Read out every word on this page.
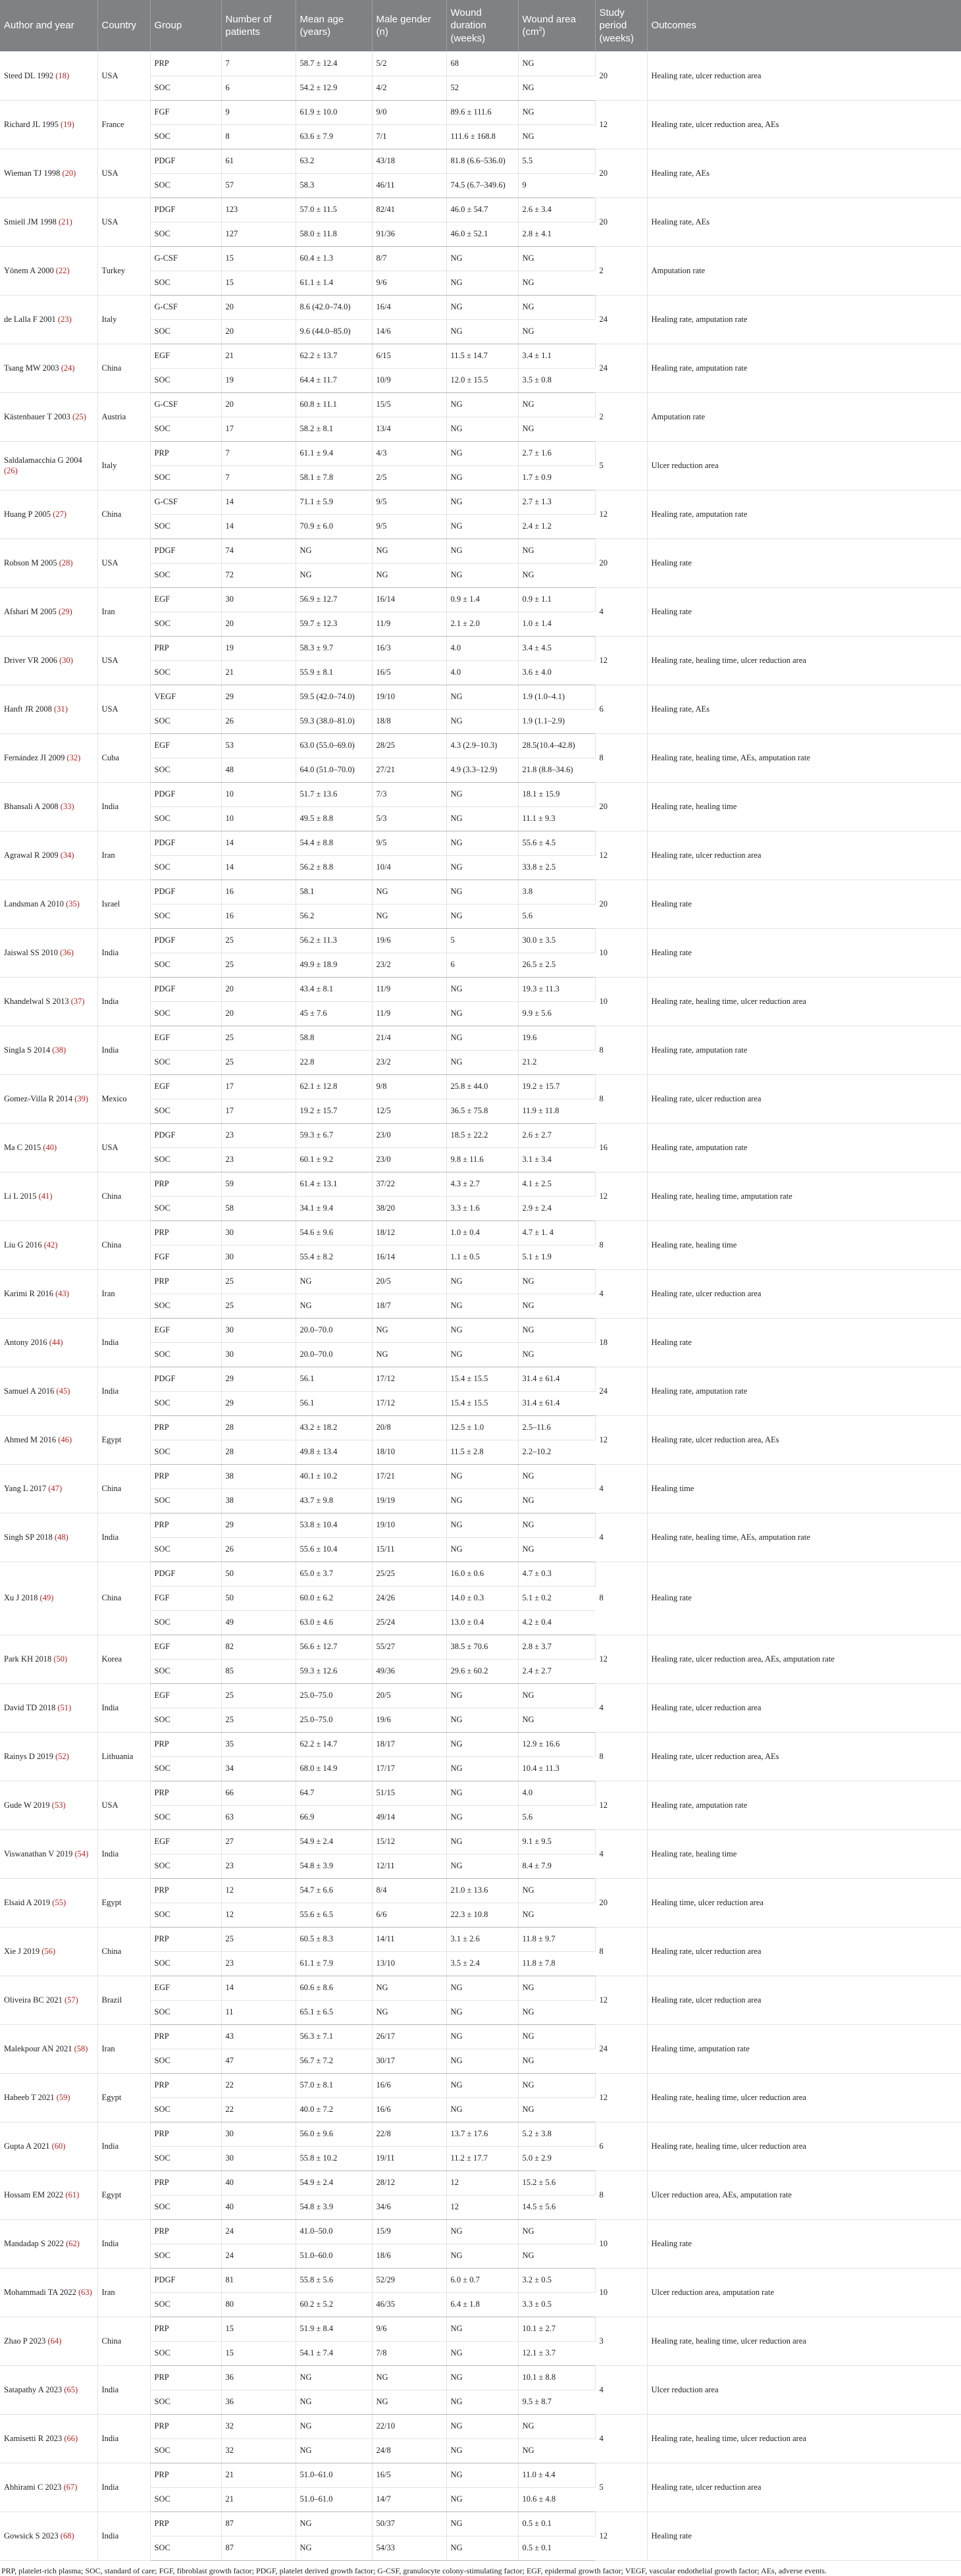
Author and year	Country	Group	Number of patients	Mean age (years)	Male gender (n)	Wound duration (weeks)	Wound area $(cm^2)$	Study period (weeks)	Outcomes
Steed DL 1992 (18)	USA	PRP	7	58.7 ± 12.4	5/2	68	NG	20	Healing rate, ulcer reduction area
		SOC	6	54.2 ± 12.9	4/2	52	NG		
Richard JL 1995 (19)	France	FGF	9	61.9 ± 10.0	9/0	89.6 ± 111.6	NG	12	Healing rate, ulcer reduction area, AEs
		SOC	8	63.6 ± 7.9	7/1	111.6 ± 168.8	NG		
Wieman TJ 1998 (20)	USA	PDGF	61	63.2	43/18	81.8 (6.6–536.0)	5.5	20	Healing rate, AEs
		SOC	57	58.3	46/11	74.5 (6.7–349.6)	9		
Smiell JM 1998 (21)	USA	PDGF	123	57.0 ± 11.5	82/41	46.0 ± 54.7	2.6 ± 3.4	20	Healing rate, AEs
		SOC	127	58.0 ± 11.8	91/36	46.0 ± 52.1	2.8 ± 4.1		
Yönem A 2000 (22)	Turkey	G-CSF	15	60.4 ± 1.3	8/7	NG	NG	2	Amputation rate
		SOC	15	61.1 ± 1.4	9/6	NG	NG		
de Lalla F 2001 (23)	Italy	G-CSF	20	8.6 (42.0–74.0)	16/4	NG	NG	24	Healing rate, amputation rate
		SOC	20	9.6 (44.0–85.0)	14/6	NG	NG		
Tsang MW 2003 (24)	China	EGF	21	62.2 ± 13.7	6/15	11.5 ± 14.7	3.4 ± 1.1	24	Healing rate, amputation rate
		SOC	19	64.4 ± 11.7	10/9	12.0 ± 15.5	3.5 ± 0.8		
Kästenbauer T 2003 (25)	Austria	G-CSF	20	60.8 ± 11.1	15/5	NG	NG	2	Amputation rate
		SOC	17	58.2 ± 8.1	13/4	NG	NG		
Saldalamacchia G 2004 (26)	Italy	PRP	7	61.1 ± 9.4	4/3	NG	2.7 ± 1.6	5	Ulcer reduction area
		SOC	7	58.1 ± 7.8	2/5	NG	1.7 ± 0.9		
Huang P 2005 (27)	China	G-CSF	14	71.1 ± 5.9	9/5	NG	2.7 ± 1.3	12	Healing rate, amputation rate
		SOC	14	70.9 ± 6.0	9/5	NG	2.4 ± 1.2		
Robson M 2005 (28)	USA	PDGF	74	NG	NG	NG	NG	20	Healing rate
		SOC	72	NG	NG	NG	NG		
Afshari M 2005 (29)	Iran	EGF	30	56.9 ± 12.7	16/14	0.9 ± 1.4	0.9 ± 1.1	4	Healing rate
		SOC	20	59.7 ± 12.3	11/9	2.1 ± 2.0	1.0 ± 1.4		
Driver VR 2006 (30)	USA	PRP	19	58.3 ± 9.7	16/3	4.0	3.4 ± 4.5	12	Healing rate, healing time, ulcer reduction area
		SOC	21	55.9 ± 8.1	16/5	4.0	3.6 ± 4.0		
Hanft JR 2008 (31)	USA	VEGF	29	59.5 (42.0–74.0)	19/10	NG	1.9 (1.0–4.1)	6	Healing rate, AEs
		SOC	26	59.3 (38.0–81.0)	18/8	NG	1.9 (1.1–2.9)		
Fernández JI 2009 (32)	Cuba	EGF	53	63.0 (55.0–69.0)	28/25	4.3 (2.9–10.3)	28.5(10.4–42.8)	8	Healing rate, healing time, AEs, amputation rate
		SOC	48	64.0 (51.0–70.0)	27/21	4.9 (3.3–12.9)	21.8 (8.8–34.6)		
Bhansali A 2008 (33)	India	PDGF	10	51.7 ± 13.6	7/3	NG	18.1 ± 15.9	20	Healing rate, healing time
		SOC	10	49.5 ± 8.8	5/3	NG	11.1 ± 9.3		
Agrawal R 2009 (34)	Iran	PDGF	14	54.4 ± 8.8	9/5	NG	55.6 ± 4.5	12	Healing rate, ulcer reduction area
		SOC	14	56.2 ± 8.8	10/4	NG	33.8 ± 2.5		
Landsman A 2010 (35)	Israel	PDGF	16	58.1	NG	NG	3.8	20	Healing rate
		SOC	16	56.2	NG	NG	5.6		
Jaiswal SS 2010 (36)	India	PDGF	25	56.2 ± 11.3	19/6	5	30.0 ± 3.5	10	Healing rate
		SOC	25	49.9 ± 18.9	23/2	6	26.5 ± 2.5		
Khandelwal S 2013 (37)	India	PDGF	20	43.4 ± 8.1	11/9	NG	19.3 ± 11.3	10	Healing rate, healing time, ulcer reduction area
		SOC	20	45 ± 7.6	11/9	NG	9.9 ± 5.6		
Singla S 2014 (38)	India	EGF	25	58.8	21/4	NG	19.6	8	Healing rate, amputation rate
		SOC	25	22.8	23/2	NG	21.2		
Gomez-Villa R 2014 (39)	Mexico	EGF	17	62.1 ± 12.8	9/8	25.8 ± 44.0	19.2 ± 15.7	8	Healing rate, ulcer reduction area
		SOC	17	19.2 ± 15.7	12/5	36.5 ± 75.8	11.9 ± 11.8		
Ma C 2015 (40)	USA	PDGF	23	59.3 ± 6.7	23/0	18.5 ± 22.2	2.6 ± 2.7	16	Healing rate, amputation rate
		SOC	23	60.1 ± 9.2	23/0	9.8 ± 11.6	3.1 ± 3.4		
Li L 2015 (41)	China	PRP	59	61.4 ± 13.1	37/22	4.3 ± 2.7	4.1 ± 2.5	12	Healing rate, healing time, amputation rate
		SOC	58	34.1 ± 9.4	38/20	3.3 ± 1.6	2.9 ± 2.4		
Liu G 2016 (42)	China	PRP	30	54.6 ± 9.6	18/12	1.0 ± 0.4	4.7 ± 1. 4	8	Healing rate, healing time
		FGF	30	55.4 ± 8.2	16/14	1.1 ± 0.5	5.1 ± 1.9		
Karimi R 2016 (43)	Iran	PRP	25	NG	20/5	NG	NG	4	Healing rate, ulcer reduction area
		SOC	25	NG	18/7	NG	NG		
Antony 2016 (44)	India	EGF	30	20.0–70.0	NG	NG	NG	18	Healing rate
		SOC	30	20.0–70.0	NG	NG	NG		
Samuel A 2016 (45)	India	PDGF	29	56.1	17/12	15.4 ± 15.5	31.4 ± 61.4	24	Healing rate, amputation rate
		SOC	29	56.1	17/12	15.4 ± 15.5	31.4 ± 61.4		
Ahmed M 2016 (46)	Egypt	PRP	28	43.2 ± 18.2	20/8	12.5 ± 1.0	2.5–11.6	12	Healing rate, ulcer reduction area, AEs
		SOC	28	49.8 ± 13.4	18/10	11.5 ± 2.8	2.2–10.2		
Yang L 2017 (47)	China	PRP	38	40.1 ± 10.2	17/21	NG	NG	4	Healing time
		SOC	38	43.7 ± 9.8	19/19	NG	NG		
Singh SP 2018 (48)	India	PRP	29	53.8 ± 10.4	19/10	NG	NG	4	Healing rate, healing time, AEs, amputation rate
		SOC	26	55.6 ± 10.4	15/11	NG	NG		
Xu J 2018 (49)	China	PDGF	50	65.0 ± 3.7	25/25	16.0 ± 0.6	4.7 ± 0.3	8	Healing rate
		FGF	50	60.0 ± 6.2	24/26	14.0 ± 0.3	5.1 ± 0.2		
		SOC	49	63.0 ± 4.6	25/24	13.0 ± 0.4	4.2 ± 0.4		
Park KH 2018 (50)	Korea	EGF	82	56.6 ± 12.7	55/27	38.5 ± 70.6	2.8 ± 3.7	12	Healing rate, ulcer reduction area, AEs, amputation rate
		SOC	85	59.3 ± 12.6	49/36	29.6 ± 60.2	2.4 ± 2.7		
David TD 2018 (51)	India	EGF	25	25.0–75.0	20/5	NG	NG	4	Healing rate, ulcer reduction area
		SOC	25	25.0–75.0	19/6	NG	NG		
Rainys D 2019 (52)	Lithuania	PRP	35	62.2 ± 14.7	18/17	NG	12.9 ± 16.6	8	Healing rate, ulcer reduction area, AEs
		SOC	34	68.0 ± 14.9	17/17	NG	10.4 ± 11.3		
Gude W 2019 (53)	USA	PRP	66	64.7	51/15	NG	4.0	12	Healing rate, amputation rate
		SOC	63	66.9	49/14	NG	5.6		
Viswanathan V 2019 (54)	India	EGF	27	54.9 ± 2.4	15/12	NG	9.1 ± 9.5	4	Healing rate, healing time
		SOC	23	54.8 ± 3.9	12/11	NG	8.4 ± 7.9		
Elsaid A 2019 (55)	Egypt	PRP	12	54.7 ± 6.6	8/4	21.0 ± 13.6	NG	20	Healing time, ulcer reduction area
		SOC	12	55.6 ± 6.5	6/6	22.3 ± 10.8	NG		
Xie J 2019 (56)	China	PRP	25	60.5 ± 8.3	14/11	3.1 ± 2.6	11.8 ± 9.7	8	Healing rate, ulcer reduction area
		SOC	23	61.1 ± 7.9	13/10	3.5 ± 2.4	11.8 ± 7.8		
Oliveira BC 2021 (57)	Brazil	EGF	14	60.6 ± 8.6	NG	NG	NG	12	Healing rate, ulcer reduction area
		SOC	11	65.1 ± 6.5	NG	NG	NG		
Malekpour AN 2021 (58)	Iran	PRP	43	56.3 ± 7.1	26/17	NG	NG	24	Healing time, amputation rate
		SOC	47	56.7 ± 7.2	30/17	NG	NG		
Habeeb T 2021 (59)	Egypt	PRP	22	57.0 ± 8.1	16/6	NG	NG	12	Healing rate, healing time, ulcer reduction area
		SOC	22	40.0 ± 7.2	16/6	NG	NG		
Gupta A 2021 (60)	India	PRP	30	56.0 ± 9.6	22/8	13.7 ± 17.6	5.2 ± 3.8	6	Healing rate, healing time, ulcer reduction area
		SOC	30	55.8 ± 10.2	19/11	11.2 ± 17.7	5.0 ± 2.9		
Hossam EM 2022 (61)	Egypt	PRP	40	54.9 ± 2.4	28/12	12	15.2 ± 5.6	8	Ulcer reduction area, AEs, amputation rate
		SOC	40	54.8 ± 3.9	34/6	12	14.5 ± 5.6		
Mandadap S 2022 (62)	India	PRP	24	41.0–50.0	15/9	NG	NG	10	Healing rate
		SOC	24	51.0–60.0	18/6	NG	NG		
Mohammadi TA 2022 (63)	Iran	PDGF	81	55.8 ± 5.6	52/29	6.0 ± 0.7	3.2 ± 0.5	10	Ulcer reduction area, amputation rate
		SOC	80	60.2 ± 5.2	46/35	6.4 ± 1.8	3.3 ± 0.5		
Zhao P 2023 (64)	China	PRP	15	51.9 ± 8.4	9/6	NG	10.1 ± 2.7	3	Healing rate, healing time, ulcer reduction area
		SOC	15	54.1 ± 7.4	7/8	NG	12.1 ± 3.7		
Satapathy A 2023 (65)	India	PRP	36	NG	NG	NG	10.1 ± 8.8	4	Ulcer reduction area
		SOC	36	NG	NG	NG	9.5 ± 8.7		
Kamisetti R 2023 (66)	India	PRP	32	NG	22/10	NG	NG	4	Healing rate, healing time, ulcer reduction area
		SOC	32	NG	24/8	NG	NG		
Abhirami C 2023 (67)	India	PRP	21	51.0–61.0	16/5	NG	11.0 ± 4.4	5	Healing rate, ulcer reduction area
		SOC	21	51.0–61.0	14/7	NG	10.6 ± 4.8		
Gowsick S 2023 (68)	India	PRP	87	NG	50/37	NG	0.5 ± 0.1	12	Healing rate
		SOC	87	NG	54/33	NG	0.5 ± 0.1		
PRP, platelet-rich plasma; SOC, standard of care; FGF, fibroblast growth factor; PDGF, platelet derived growth factor; G-CSF, granulocyte colony-stimulating factor; EGF, epidermal growth factor; VEGF, vascular endothelial growth factor; AEs, adverse events.
